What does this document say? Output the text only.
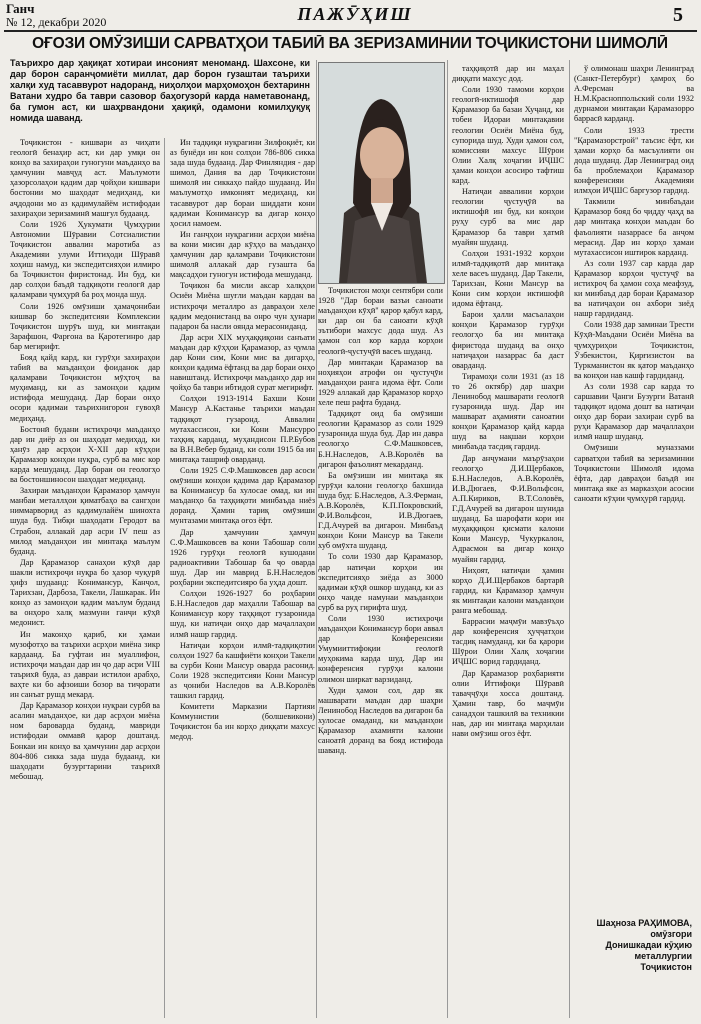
Ганч
№ 12, декабри 2020	ПАЖӮҲИШ	5
ОҒОЗИ ОМӮЗИШИ САРВАТҲОИ ТАБИӢ ВА ЗЕРИЗАМИНИИ ТОҶИКИСТОНИ ШИМОЛӢ
Таърихро дар ҳақиқат хотираи инсоният меноманд. Шахсоне, ки дар борон саранҷомиёти миллат, дар борон гузаштаи таърихи халқи худ тасаввурот надоранд, ниҳолҳои марҳомоҳон бехтаринн Ватани худро ба таври сазовор баҳогузорӣ карда наметавонанд, ба гумон аст, ки шаҳрвандони ҳақиқӣ, одамони комилҳуқуқ номида шаванд.

Тоҷикистон - кишвари аз чиҳати геологӣ бенаҳир аст, ки дар умқи он конҳо ва захираҳои гуногуни маъданҳо ва ҳамчунин мавҷуд аст. Маълумоти ҳазорсолаҳои қадим дар ҷойҳои кишвари бостонии мо шаҳодат медиҳанд, ки аҷдодони мо аз қадимулайём истифодаи захираҳои зеризаминӣ машғул будаанд.

Соли 1926 Ҳукумати Ҷумҳурии Автономии Шӯравии Сотсиалистии Тоҷикистон аввалин маротиба аз Академияи улуми Иттиҳоди Шӯравӣ хоҳиш намуд, ки экспедитсияҳои илмиро ба Тоҷикистон фиристонад. Ин буд, ки дар солҳои баъдӣ тадқиқоти геологӣ дар қаламрави ҷумҳурӣ ба роҳ монда шуд.

Соли 1926 омӯзиши ҳамаҷонибаи кишвар бо экспедитсияи Комплексии Тоҷикистон шурӯъ шуд, ки минтақаи Зарафшон, Фарғона ва Қаротегинро дар бар мегирифт.

Бояд қайд кард, ки гурӯҳи захираҳои табиӣ ва маъданҳои фоиданок дар қаламрави Тоҷикистон мӯҳтоҷ ва муҳиманд, ки аз замонҳои қадим истифода мешуданд. Дар бораи онҳо осори қадимаи таърихнигорон гувоҳӣ медиҳанд.

Бостонӣ будани истихроҷи маъданҳо дар ин диёр аз он шаҳодат медиҳад, ки ҳанӯз дар асрҳои X-XII дар кӯҳҳои Қарамазор конҳои нуқра, сурб ва мис кор карда мешуданд. Дар бораи он геологҳо ва бостоншиносон шаҳодат медиҳанд.

Захираи маъданҳои Қарамазор ҳамчун манбаи металлҳои қиматбаҳо ва сангҳои ниммарворид аз қадимулайём шинохта шуда буд. Тибқи шаҳодати Геродот ва Страбон, аллакай дар асри IV пеш аз милод маъданҳои ин минтақа маълум буданд.

Дар Қарамазор санаҳои кӯҳӣ дар шакли истихроҷи нуқра бо ҳазор чуқурӣ ҳифз шудаанд: Конимансур, Канҷол, Тарихзан, Дарбоза, Такели, Лашкарак. Ин конҳо аз замонҳои қадим маълум буданд ва онҳоро халқ мазмуни ганҷи кӯҳӣ медонист.

Ин маконҳо қариб, ки ҳамаи музофотҳо ва таърихи асрҳои миёна зикр кардаанд. Ба гуфтаи ин муаллифон, истихроҷи маъдан дар ин ҷо дар асри VIII таърихӣ буда, аз давраи истилои арабҳо, ваҳте ки бо афзоиши бозор ва тиҷорати ин санъат рушд мекард.

Дар Қарамазор конҳои нуқраи сурбӣ ва асалин маъданҳое, ки дар асрҳои миёна ном бароварда буданд, мавриди истифодаи оммавӣ қарор доштанд. Бонкаи ин конҳо ва ҳамчунин дар асрҳои 804-806 сикка зада шуда будаанд, ки шаҳодати бузургтарини таърихӣ мебошад.

Ин тадқиқи нуқрагини Зилфоқиёт, ки аз бунёди ин кон солҳои 786-806 сикка зада шуда будаанд. Дар Финляндия - дар шимол, Дания ва дар Тоҷикистони шимолӣ ин сиккаҳо пайдо шудаанд. Ин маълумотҳо имконият медиҳанд, ки тасаввурот дар бораи шиддати кони қадимаи Конимансур ва дигар конҳо ҳосил намоем.

Ин ганҷҳои нуқрагини асрҳои миёна ва кони мисин дар кӯҳҳо ва маъданҳо ҳамчунин дар қаламрави Тоҷикистони шимолӣ аллакай дар гузашта ба мақсадҳои гуногун истифода мешуданд.

Тоҷикон ба мисли аксар халқҳои Осиёи Миёна шуғли маъдан кардан ва истихроҷи металлро аз давраҳои хеле қадим медонистанд ва онро чун ҳунари падарон ба насли оянда мерасониданд.

Дар асри XIX муҳаққиқони санъати маъдан дар кӯҳҳои Қарамазор, аз ҷумла дар Кони сим, Кони мис ва дигарҳо, конҳои қадима ёфтанд ва дар бораи онҳо навиштанд. Истихроҷи маъданҳо дар ин ҷойҳо ба таври ибтидоӣ сурат мегирифт.

Солҳои 1913-1914 Бахши Кони Мансур А.Кастанье таърихи маъдан тадқиқот гузаронд. Аввалин мутахассисон, ки Кони Мансурро таҳқиқ карданд, муҳандисон П.Р.Бубов ва В.Н.Вебер буданд, ки соли 1915 ба ин минтақа ташриф оварданд.

Соли 1925 С.Ф.Машковсев дар асоси омӯзиши конҳои қадима дар Қарамазор ва Конимансур ба хулосае омад, ки ин маъданҳо ба таҳқиқоти минбаъда ниёз доранд. Ҳамин тариқ омӯзиши мунтазами минтақа оғоз ёфт.

Дар ҳамчунин ҳамчун С.Ф.Машковсев ва кони Табошар соли 1926 гурӯҳи геологӣ кушодани радиоактивии Табошар ба ҷо оварда шуд. Дар ин маврид Б.Н.Наследов роҳбарии экспедитсияро ба уҳда дошт.

Солҳои 1926-1927 бо роҳбарии Б.Н.Наследов дар маҳалли Табошар ва Конимансур кору таҳқиқот гузаронида шуд, ки натиҷаи онҳо дар маҷаллаҳои илмӣ нашр гардид.

Натиҷаи корҳои илмӣ-тадқиқотии солҳои 1927 ба кашфиёти конҳои Такели ва сурби Кони Мансур оварда расонид. Соли 1928 экспедитсияи Кони Мансур аз ҷониби Наследов ва А.В.Королёв ташкил гардид.

Комитети Марказии Партияи Коммунистии (болшевикони) Тоҷикистон ба ин корҳо диққати махсус медод.

Тоҷикистон моҳи сентябри соли 1928 "Дар бораи вазъи саноати маъданҳои кӯҳӣ" қарор қабул кард, ки дар он ба саноати кӯҳӣ эътибори махсус дода шуд. Аз ҳамон сол кор карда корҳои геологӣ-ҷустуҷӯӣ васеъ шуданд.

Дар минтақаи Қарамазор ва ноҳияҳои атрофи он ҷустуҷӯи маъданҳои ранга идома ёфт. Соли 1929 аллакай дар Қарамазор корҳо хеле пеш рафта буданд.

Тадқиқот оид ба омӯзиши геологии Қарамазор аз соли 1929 гузаронида шуда буд. Дар ин давра геологҳо С.Ф.Машковсев, Б.Н.Наследов, А.В.Королёв ва дигарон фаъолият мекарданд.

Ба омӯзиши ин минтақа як гурӯҳи калони геологҳо бахшида шуда буд: Б.Наследов, А.З.Ферман, А.В.Королёв, К.П.Покровский, Ф.И.Вольфсон, И.В.Дюгаев, Г.Д.Ачурей ва дигарон. Минбаъд конҳои Кони Мансур ва Такели хуб омӯхта шуданд.

То соли 1930 дар Қарамазор, дар натиҷаи корҳои ин экспедитсияҳо зиёда аз 3000 қадимаи кӯҳӣ ошкор шуданд, ки аз онҳо чанде намунаи маъданҳои сурб ва руҳ гирифта шуд.

Соли 1930 истихроҷи маъданҳои Конимансур бори аввал дар Конференсияи Умумииттифоқии геологӣ муҳокима карда шуд. Дар ин конференсия гурӯҳи калони олимон ширкат варзиданд.

Худи ҳамон сол, дар як машварати маъдан дар шаҳри Ленинобод Наследов ва дигарон ба хулосае омаданд, ки маъданҳои Қарамазор ахамияти калони саноатӣ доранд ва бояд истифода шаванд.

таҳқиқотӣ дар ин маҳал диққати махсус дод.

Соли 1930 тамоми корҳои геологӣ-иктишофӣ дар Қарамазор ба базаи Хуҷанд, ки тобеи Идораи минтақавии геологии Осиёи Миёна буд, супорида шуд. Худи ҳамон сол, комиссияи махсус Шӯрои Олии Халқ хоҷагии ИҶШС ҳамаи конҳои асосиро тафтиш кард.

Натиҷаи аввалини корҳои геологии ҷустуҷӯӣ ва иктишофӣ ин буд, ки конҳои руҳу сурб ва мис дар Қарамазор ба таври ҳатмӣ муайян шуданд.

Солҳои 1931-1932 корҳои илмӣ-тадқиқотӣ дар минтақа хеле васеъ шуданд. Дар Такели, Тарихзан, Кони Мансур ва Кони сим корҳои иктишофӣ идома ёфтанд.

Барои ҳалли масъалаҳои конҳои Қарамазор гурӯҳи геологҳо ба ин минтақа фиристода шуданд ва онҳо натиҷаҳои назаррас ба даст оварданд.

Тирамоҳи соли 1931 (аз 18 то 26 октябр) дар шаҳри Ленинобод машварати геологӣ гузаронида шуд. Дар ин машварат аҳамияти саноатии конҳои Қарамазор қайд карда шуд ва нақшаи корҳои минбаъда тасдиқ гардид.

Дар анҷумани маърӯзаҳои геологҳо Д.И.Щербаков, Б.Н.Наследов, А.В.Королёв, И.В.Дюгаев, Ф.И.Вольфсон, А.П.Кириков, В.Т.Соловёв, Г.Д.Ачурей ва дигарон шунида шуданд. Ба шарофати кори ин муҳаққиқон қисмати калони Кони Мансур, Чукуркалон, Адрасмон ва дигар конҳо муайян гардид.

Ниҳоят, натиҷаи ҳамин корҳо Д.И.Щербаков бартарӣ гардид, ки Қарамазор ҳамчун як минтақаи калони маъданҳои ранга мебошад.

Баррасии маҷмӯи мавзӯъҳо дар конференсия ҳуҷҷатҳои тасдиқ намуданд, ки ба қарори Шӯрои Олии Халқ хоҷагии ИҶШС ворид гардиданд.

Дар Қарамазор роҳбарияти олии Иттифоқи Шӯравӣ таваҷҷӯҳи хосса доштанд. Ҳамин тавр, бо маҷмӯи санадҳои ташкилӣ ва техникии нав, дар ин минтақа марҳилаи нави омӯзиш оғоз ёфт.

ў олимонаш шаҳри Ленинград (Санкт-Петербург) ҳамроҳ бо А.Ферсман ва Н.М.Красноппольский соли 1932 дурнамои минтақаи Қарамазорро баррасӣ карданд.

Соли 1933 трести "Қарамазорстрой" таъсис ёфт, ки ҳамаи корҳо ба масъулияти он дода шуданд. Дар Ленинград оид ба проблемаҳои Қарамазор конференсияи Академияи илмҳои ИҶШС баргузор гардид.

Такмили минбаъдаи Қарамазор бояд бо ҷидду ҷаҳд ва дар минтақа конҳои маъдан бо фаъолияти назаррасе ба анҷом мерасид. Дар ин корҳо ҳамаи мутахассисон иштирок карданд.

Аз соли 1937 сар карда дар Қарамазор корҳои ҷустуҷӯ ва истихроҷ ба ҳамон соҳа меафзуд, ки минбаъд дар бораи Қарамазор ва натиҷаҳои он ахбори зиёд нашр гардиданд.

Соли 1938 дар заминаи Трести Кӯҳӣ-Маъдани Осиёи Миёна ва ҷумҳуриҳои Тоҷикистон, Ӯзбекистон, Қирғизистон ва Туркманистон як қатор маъданҳо ва конҳои нав кашф гардиданд.

Аз соли 1938 сар карда то саршавии Ҷанги Бузурги Ватанӣ тадқиқот идома дошт ва натиҷаи онҳо дар бораи захираи сурб ва руҳи Қарамазор дар маҷаллаҳои илмӣ нашр шуданд.

Омӯзиши муназзами сарватҳои табиӣ ва зеризаминии Тоҷикистони Шимолӣ идома ёфта, дар давраҳои баъдӣ ин минтақа яке аз марказҳои асосии саноати кӯҳии ҷумҳурӣ гардид.

Шаҳноза РАҲИМОВА,
омӯзгори
Донишкадаи кӯҳию
металлургии
Тоҷикистон
